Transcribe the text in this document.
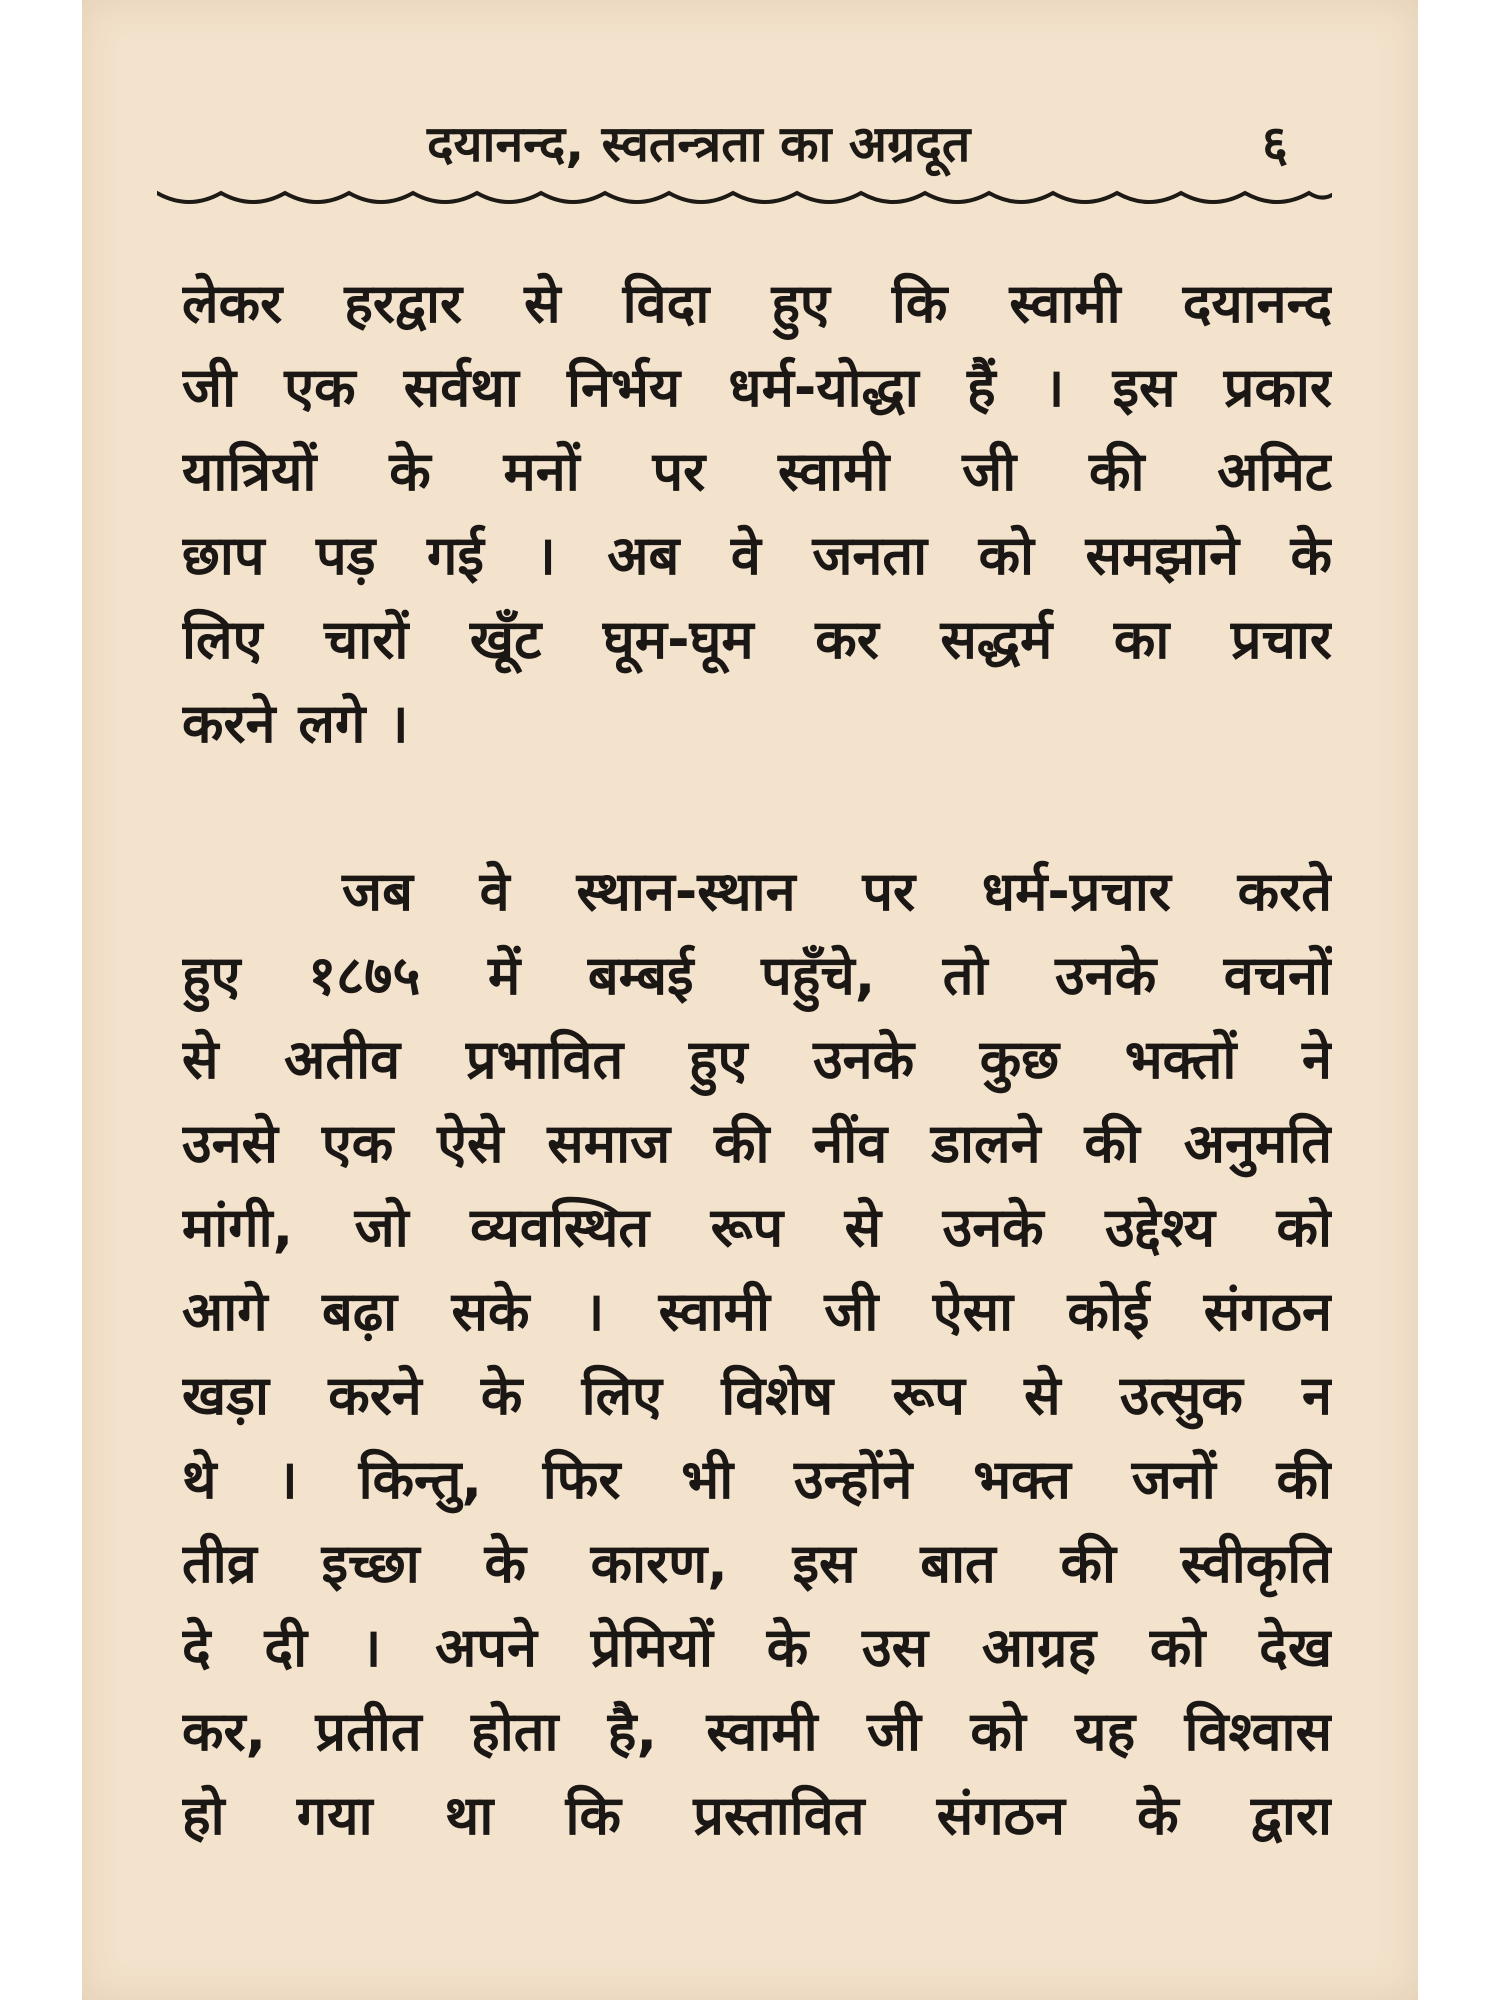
दयानन्द, स्वतन्त्रता का अग्रदूत	६
लेकर हरद्वार से विदा हुए कि स्वामी दयानन्द
जी एक सर्वथा निर्भय धर्म-योद्धा हैं । इस प्रकार
यात्रियों के मनों पर स्वामी जी की अमिट
छाप पड़ गई । अब वे जनता को समझाने के
लिए चारों खूँट घूम-घूम कर सद्धर्म का प्रचार
करने लगे ।
जब वे स्थान-स्थान पर धर्म-प्रचार करते
हुए १८७५ में बम्बई पहुँचे, तो उनके वचनों
से अतीव प्रभावित हुए उनके कुछ भक्तों ने
उनसे एक ऐसे समाज की नींव डालने की अनुमति
मांगी, जो व्यवस्थित रूप से उनके उद्देश्य को
आगे बढ़ा सके । स्वामी जी ऐसा कोई संगठन
खड़ा करने के लिए विशेष रूप से उत्सुक न
थे । किन्तु, फिर भी उन्होंने भक्त जनों की
तीव्र इच्छा के कारण, इस बात की स्वीकृति
दे दी । अपने प्रेमियों के उस आग्रह को देख
कर, प्रतीत होता है, स्वामी जी को यह विश्वास
हो गया था कि प्रस्तावित संगठन के द्वारा
